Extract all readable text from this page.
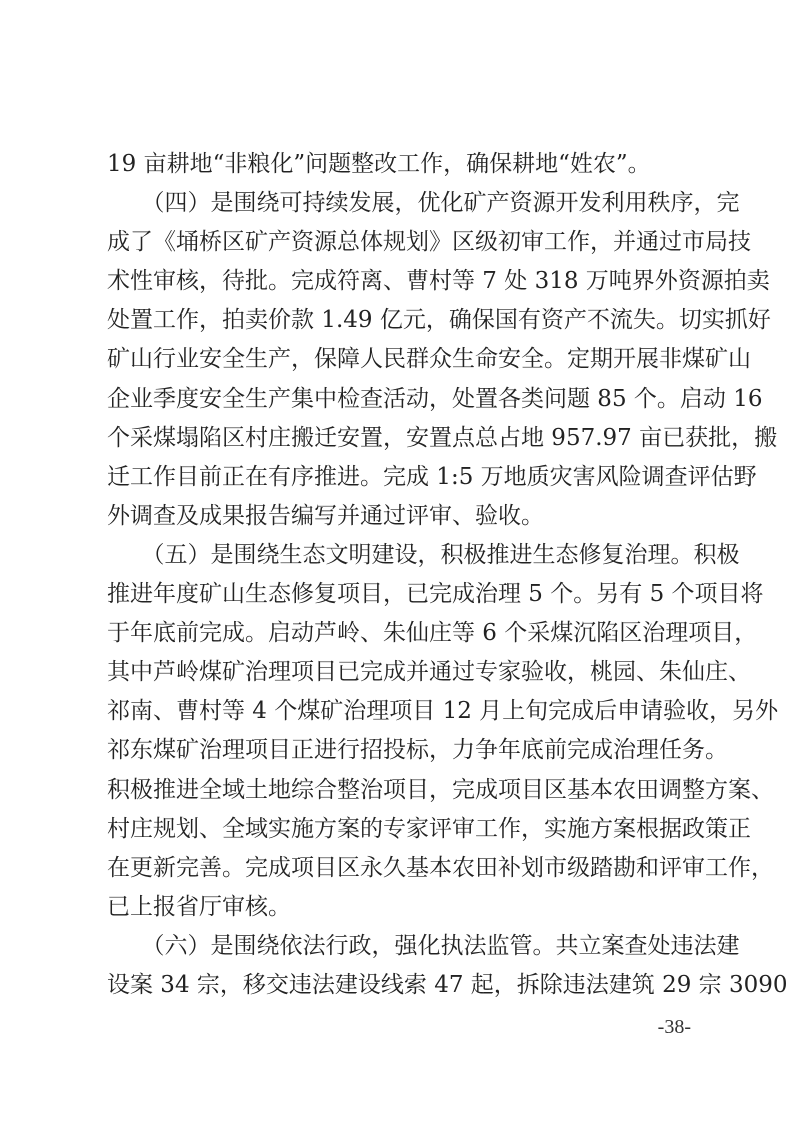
19 亩耕地“非粮化”问题整改工作，确保耕地“姓农”。
　　（四）是围绕可持续发展，优化矿产资源开发利用秩序，完
成了《埇桥区矿产资源总体规划》区级初审工作，并通过市局技
术性审核，待批。完成符离、曹村等 7 处 318 万吨界外资源拍卖
处置工作，拍卖价款 1.49 亿元，确保国有资产不流失。切实抓好
矿山行业安全生产，保障人民群众生命安全。定期开展非煤矿山
企业季度安全生产集中检查活动，处置各类问题 85 个。启动 16
个采煤塌陷区村庄搬迁安置，安置点总占地 957.97 亩已获批，搬
迁工作目前正在有序推进。完成 1:5 万地质灾害风险调查评估野
外调查及成果报告编写并通过评审、验收。
　　（五）是围绕生态文明建设，积极推进生态修复治理。积极
推进年度矿山生态修复项目，已完成治理 5 个。另有 5 个项目将
于年底前完成。启动芦岭、朱仙庄等 6 个采煤沉陷区治理项目，
其中芦岭煤矿治理项目已完成并通过专家验收，桃园、朱仙庄、
祁南、曹村等 4 个煤矿治理项目 12 月上旬完成后申请验收，另外
祁东煤矿治理项目正进行招投标，力争年底前完成治理任务。
积极推进全域土地综合整治项目，完成项目区基本农田调整方案、
村庄规划、全域实施方案的专家评审工作，实施方案根据政策正
在更新完善。完成项目区永久基本农田补划市级踏勘和评审工作，
已上报省厅审核。
　　（六）是围绕依法行政，强化执法监管。共立案查处违法建
设案 34 宗，移交违法建设线索 47 起，拆除违法建筑 29 宗 3090
-38-
